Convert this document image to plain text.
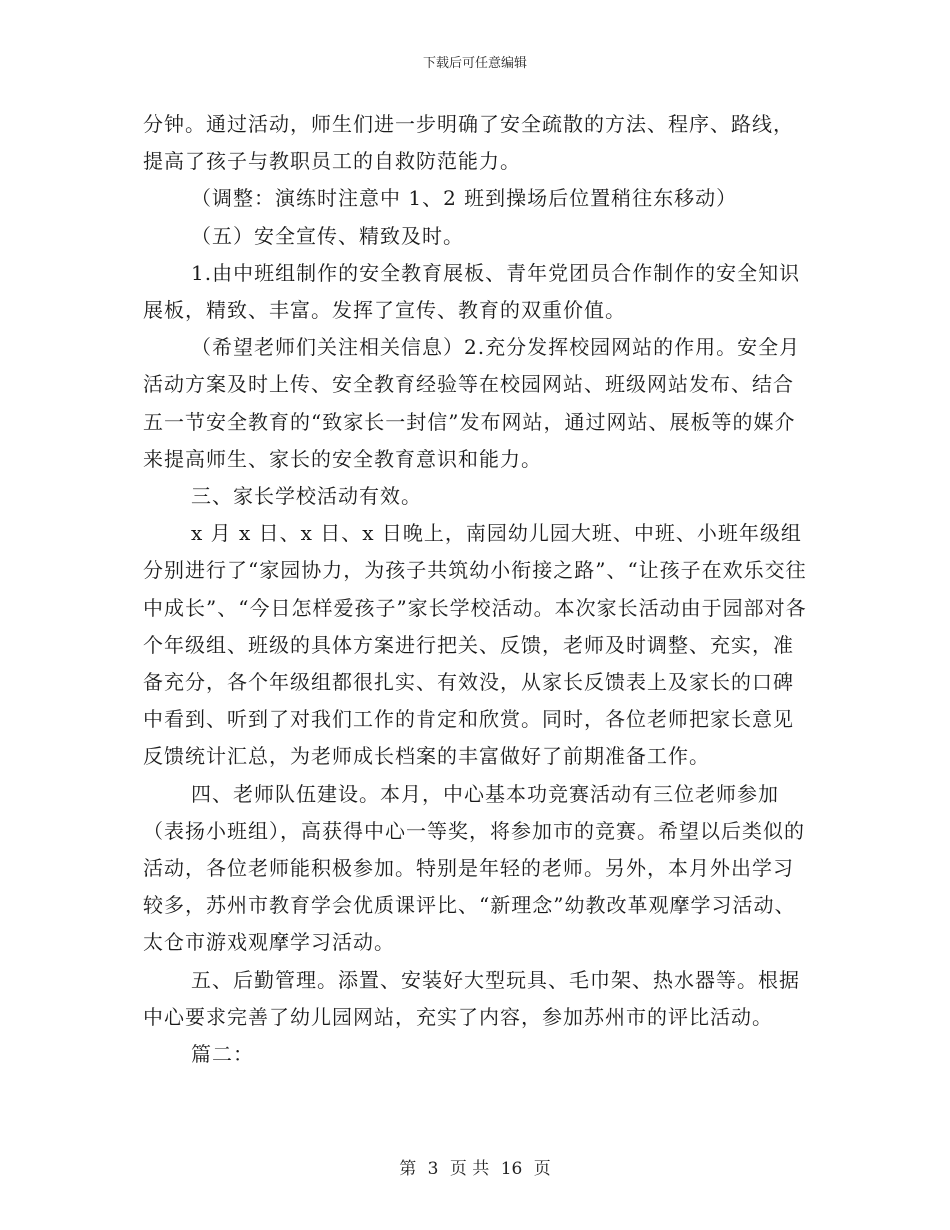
下载后可任意编辑

分钟。通过活动，师生们进一步明确了安全疏散的方法、程序、路线，提高了孩子与教职员工的自救防范能力。

（调整：演练时注意中 1、2 班到操场后位置稍往东移动）

（五）安全宣传、精致及时。

1.由中班组制作的安全教育展板、青年党团员合作制作的安全知识展板，精致、丰富。发挥了宣传、教育的双重价值。

（希望老师们关注相关信息）2.充分发挥校园网站的作用。安全月活动方案及时上传、安全教育经验等在校园网站、班级网站发布、结合五一节安全教育的“致家长一封信”发布网站，通过网站、展板等的媒介来提高师生、家长的安全教育意识和能力。

三、家长学校活动有效。

x 月 x 日、x 日、x 日晚上，南园幼儿园大班、中班、小班年级组分别进行了“家园协力，为孩子共筑幼小衔接之路”、“让孩子在欢乐交往中成长”、“今日怎样爱孩子”家长学校活动。本次家长活动由于园部对各个年级组、班级的具体方案进行把关、反馈，老师及时调整、充实，准备充分，各个年级组都很扎实、有效没，从家长反馈表上及家长的口碑中看到、听到了对我们工作的肯定和欣赏。同时，各位老师把家长意见反馈统计汇总，为老师成长档案的丰富做好了前期准备工作。

四、老师队伍建设。本月，中心基本功竞赛活动有三位老师参加（表扬小班组），高获得中心一等奖，将参加市的竞赛。希望以后类似的活动，各位老师能积极参加。特别是年轻的老师。另外，本月外出学习较多，苏州市教育学会优质课评比、“新理念”幼教改革观摩学习活动、太仓市游戏观摩学习活动。

五、后勤管理。添置、安装好大型玩具、毛巾架、热水器等。根据中心要求完善了幼儿园网站，充实了内容，参加苏州市的评比活动。

篇二：

第 3 页 共 16 页
